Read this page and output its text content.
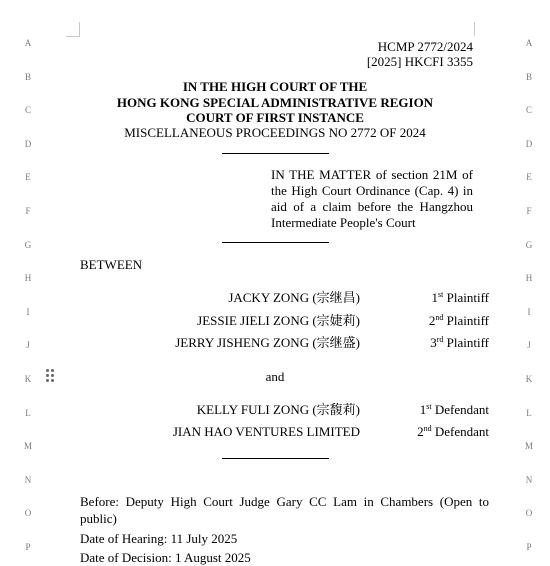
A
B
C
D
E
F
G
H
I
J
K
L
M
N
O
P
A
B
C
D
E
F
G
H
I
J
K
L
M
N
O
P
HCMP 2772/2024
[2025] HKCFI 3355
IN THE HIGH COURT OF THE
HONG KONG SPECIAL ADMINISTRATIVE REGION
COURT OF FIRST INSTANCE
MISCELLANEOUS PROCEEDINGS NO 2772 OF 2024
IN THE MATTER of section 21M of the High Court Ordinance (Cap. 4) in aid of a claim before the Hangzhou Intermediate People's Court
BETWEEN
JACKY ZONG (宗继昌)	1st Plaintiff
JESSIE JIELI ZONG (宗婕莉)	2nd Plaintiff
JERRY JISHENG ZONG (宗继盛)	3rd Plaintiff
and
KELLY FULI ZONG (宗馥莉)	1st Defendant
JIAN HAO VENTURES LIMITED	2nd Defendant
Before: Deputy High Court Judge Gary CC Lam in Chambers (Open to public)
Date of Hearing: 11 July 2025
Date of Decision: 1 August 2025
